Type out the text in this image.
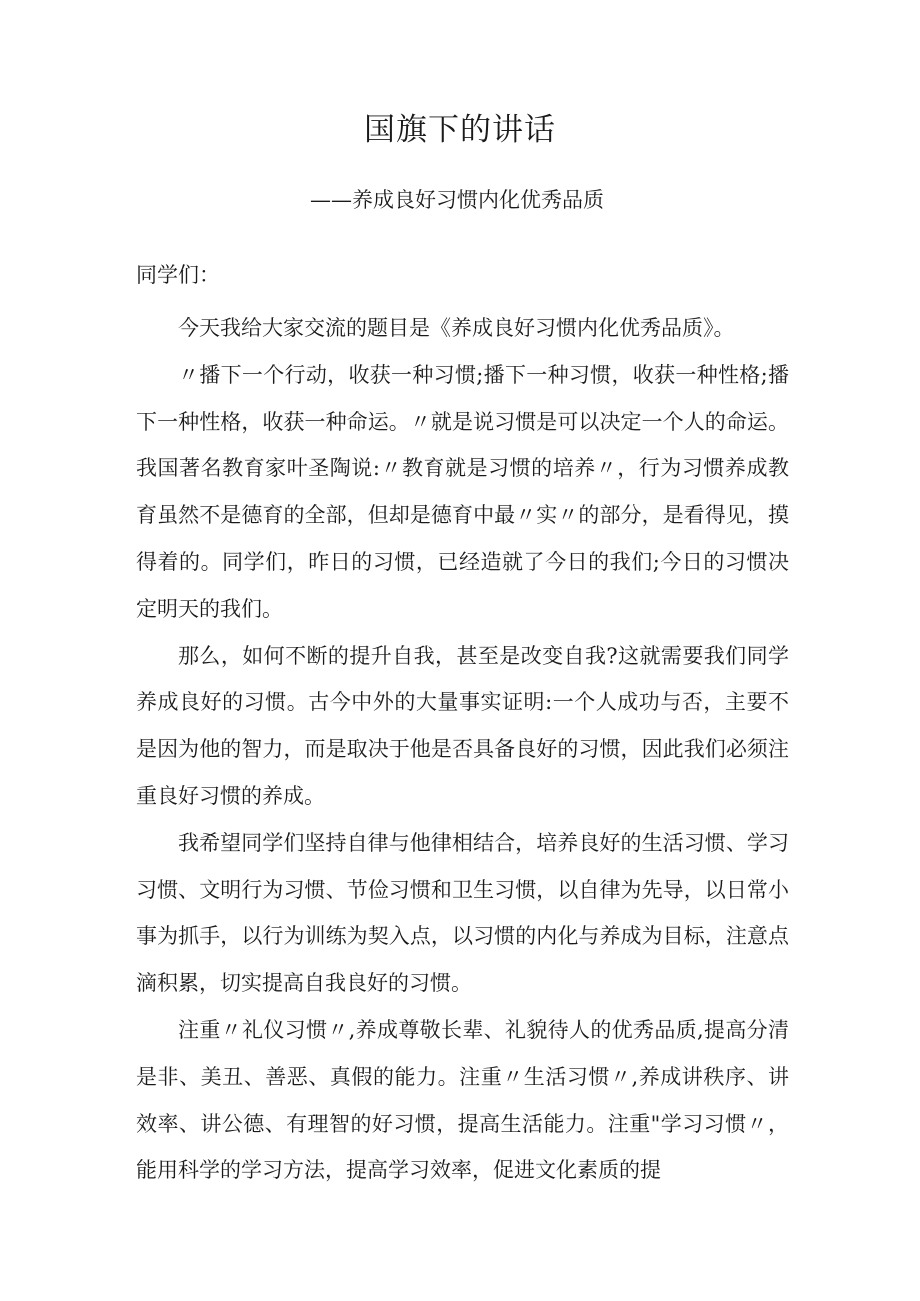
国旗下的讲话
——养成良好习惯内化优秀品质
同学们：

今天我给大家交流的题目是《养成良好习惯内化优秀品质》。

〃播下一个行动，收获一种习惯;播下一种习惯，收获一种性格;播下一种性格，收获一种命运。〃就是说习惯是可以决定一个人的命运。我国著名教育家叶圣陶说:〃教育就是习惯的培养〃，行为习惯养成教育虽然不是德育的全部，但却是德育中最〃实〃的部分，是看得见，摸得着的。同学们，昨日的习惯，已经造就了今日的我们;今日的习惯决定明天的我们。

那么，如何不断的提升自我，甚至是改变自我?这就需要我们同学养成良好的习惯。古今中外的大量事实证明:一个人成功与否，主要不是因为他的智力，而是取决于他是否具备良好的习惯，因此我们必须注重良好习惯的养成。

我希望同学们坚持自律与他律相结合，培养良好的生活习惯、学习习惯、文明行为习惯、节俭习惯和卫生习惯，以自律为先导，以日常小事为抓手，以行为训练为契入点，以习惯的内化与养成为目标，注意点滴积累，切实提高自我良好的习惯。

注重〃礼仪习惯〃,养成尊敬长辈、礼貌待人的优秀品质,提高分清是非、美丑、善恶、真假的能力。注重〃生活习惯〃,养成讲秩序、讲效率、讲公德、有理智的好习惯，提高生活能力。注重"学习习惯〃，能用科学的学习方法，提高学习效率，促进文化素质的提
